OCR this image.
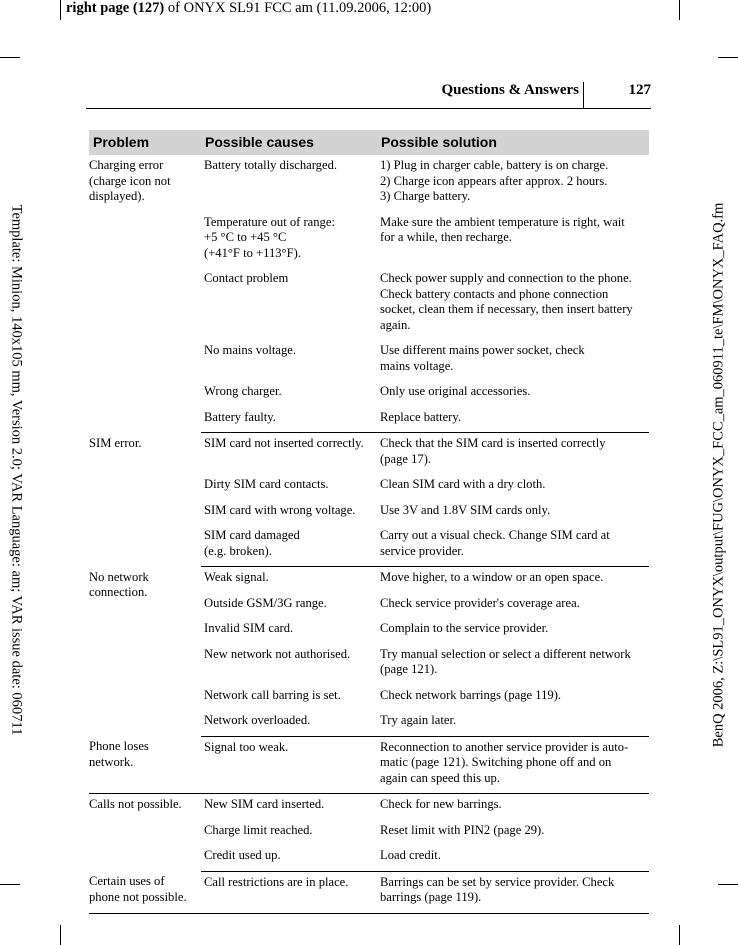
right page (127) of ONYX SL91 FCC am (11.09.2006, 12:00)
Template: Minion, 140x105 mm, Version 2.0; VAR Language: am; VAR issue date: 060711	BenQ 2006, Z:\SL91_ONYX\output\FUG\ONYX_FCC_am_060911_te\FM\ONYX_FAQ.fm
Questions & Answers	127
Problem	Possible causes	Possible solution

Charging error
(charge icon not
displayed).	Battery totally discharged.	1) Plug in charger cable, battery is on charge.
2) Charge icon appears after approx. 2 hours.
3) Charge battery.

	Temperature out of range:
+5 °C to +45 °C
(+41°F to +113°F).	Make sure the ambient temperature is right, wait
for a while, then recharge.

	Contact problem	Check power supply and connection to the phone.
Check battery contacts and phone connection
socket, clean them if necessary, then insert battery
again.

	No mains voltage.	Use different mains power socket, check
mains voltage.

	Wrong charger.	Only use original accessories.

	Battery faulty.	Replace battery.

SIM error.	SIM card not inserted correctly.	Check that the SIM card is inserted correctly
(page 17).

	Dirty SIM card contacts.	Clean SIM card with a dry cloth.

	SIM card with wrong voltage.	Use 3V and 1.8V SIM cards only.

	SIM card damaged
(e.g. broken).	Carry out a visual check. Change SIM card at
service provider.

No network
connection.	Weak signal.	Move higher, to a window or an open space.

	Outside GSM/3G range.	Check service provider's coverage area.

	Invalid SIM card.	Complain to the service provider.

	New network not authorised.	Try manual selection or select a different network
(page 121).

	Network call barring is set.	Check network barrings (page 119).

	Network overloaded.	Try again later.

Phone loses
network.	Signal too weak.	Reconnection to another service provider is auto-
matic (page 121). Switching phone off and on
again can speed this up.

Calls not possible.	New SIM card inserted.	Check for new barrings.

	Charge limit reached.	Reset limit with PIN2 (page 29).

	Credit used up.	Load credit.

Certain uses of
phone not possible.	Call restrictions are in place.	Barrings can be set by service provider. Check
barrings (page 119).
